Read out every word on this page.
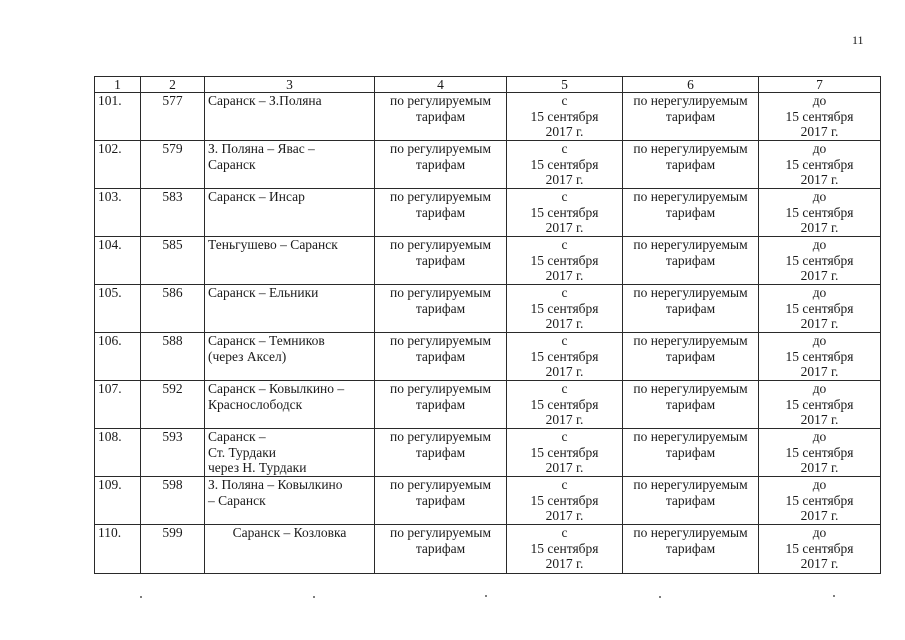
11
1	2	3	4	5	6	7
101.	577	Саранск – З.Поляна	по регулируемым
тарифам	с
15 сентября
2017 г.	по нерегулируемым
тарифам	до
15 сентября
2017 г.

102.	579	З. Поляна – Явас –
Саранск	по регулируемым
тарифам	с
15 сентября
2017 г.	по нерегулируемым
тарифам	до
15 сентября
2017 г.

103.	583	Саранск – Инсар	по регулируемым
тарифам	с
15 сентября
2017 г.	по нерегулируемым
тарифам	до
15 сентября
2017 г.

104.	585	Теньгушево – Саранск	по регулируемым
тарифам	с
15 сентября
2017 г.	по нерегулируемым
тарифам	до
15 сентября
2017 г.

105.	586	Саранск – Ельники	по регулируемым
тарифам	с
15 сентября
2017 г.	по нерегулируемым
тарифам	до
15 сентября
2017 г.

106.	588	Саранск – Темников
(через Аксел)	по регулируемым
тарифам	с
15 сентября
2017 г.	по нерегулируемым
тарифам	до
15 сентября
2017 г.

107.	592	Саранск – Ковылкино –
Краснослободск	по регулируемым
тарифам	с
15 сентября
2017 г.	по нерегулируемым
тарифам	до
15 сентября
2017 г.

108.	593	Саранск –
Ст. Турдаки
через Н. Турдаки	по регулируемым
тарифам	с
15 сентября
2017 г.	по нерегулируемым
тарифам	до
15 сентября
2017 г.

109.	598	З. Поляна – Ковылкино
– Саранск	по регулируемым
тарифам	с
15 сентября
2017 г.	по нерегулируемым
тарифам	до
15 сентября
2017 г.

110.	599	Саранск – Козловка	по регулируемым
тарифам	с
15 сентября
2017 г.	по нерегулируемым
тарифам	до
15 сентября
2017 г.
